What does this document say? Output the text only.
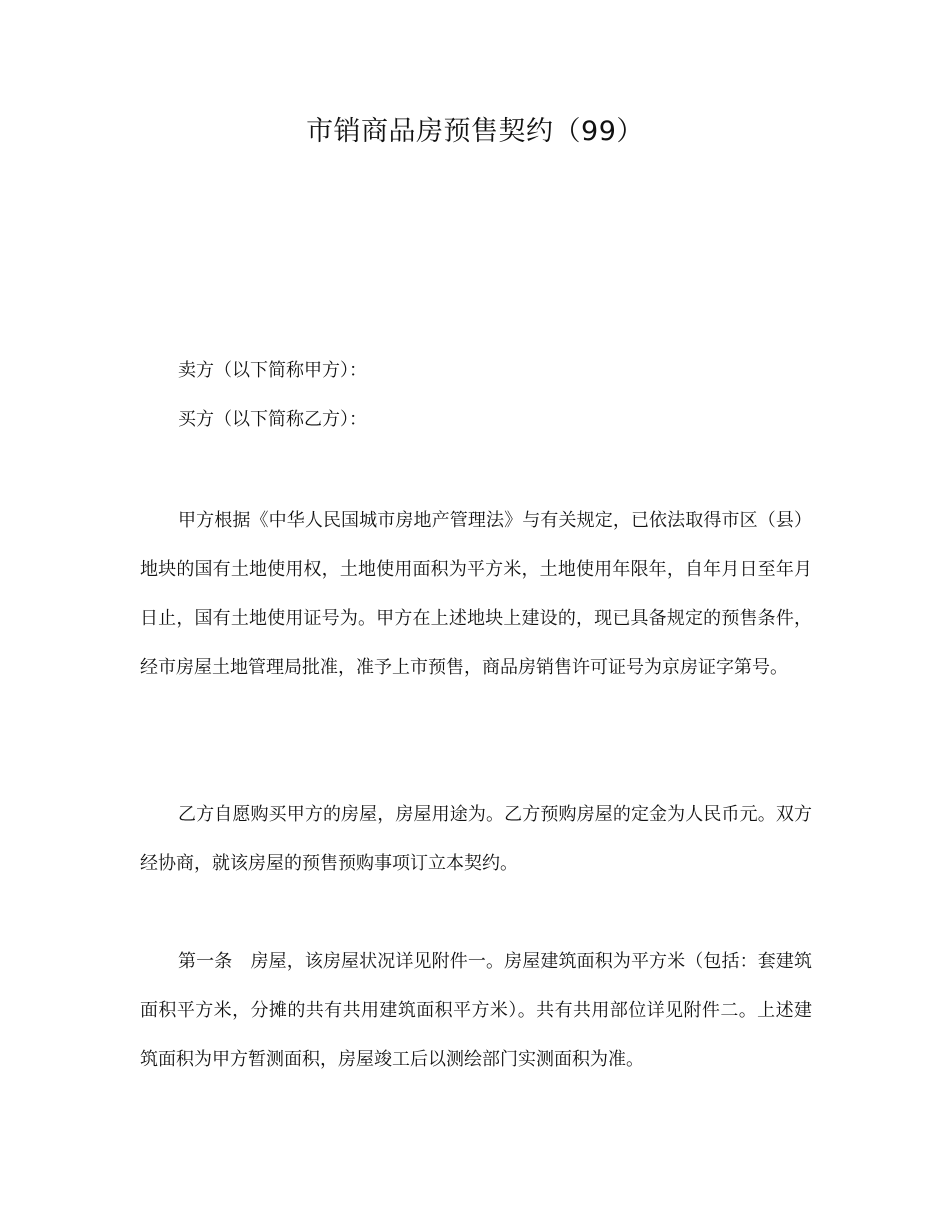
市销商品房预售契约（99）
卖方（以下简称甲方）：
买方（以下简称乙方）：

甲方根据《中华人民国城市房地产管理法》与有关规定，已依法取得市区（县）地块的国有土地使用权，土地使用面积为平方米，土地使用年限年，自年月日至年月日止，国有土地使用证号为。甲方在上述地块上建设的，现已具备规定的预售条件，经市房屋土地管理局批准，准予上市预售，商品房销售许可证号为京房证字第号。

乙方自愿购买甲方的房屋，房屋用途为。乙方预购房屋的定金为人民币元。双方经协商，就该房屋的预售预购事项订立本契约。

第一条　房屋，该房屋状况详见附件一。房屋建筑面积为平方米（包括：套建筑面积平方米，分摊的共有共用建筑面积平方米）。共有共用部位详见附件二。上述建筑面积为甲方暂测面积，房屋竣工后以测绘部门实测面积为准。
